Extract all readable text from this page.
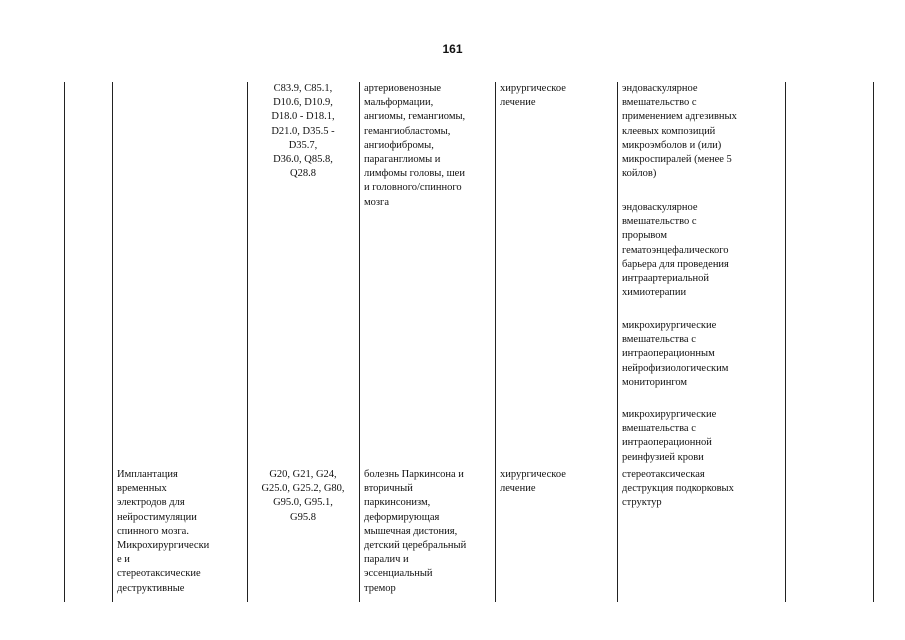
161
C83.9, C85.1,
D10.6, D10.9,
D18.0 - D18.1,
D21.0, D35.5 -
D35.7,
D36.0, Q85.8,
Q28.8
артериовенозные
мальформации,
ангиомы, гемангиомы,
гемангиобластомы,
ангиофибромы,
параганглиомы и
лимфомы головы, шеи
и головного/спинного
мозга
хирургическое
лечение
эндоваскулярное
вмешательство с
применением адгезивных
клеевых композиций
микроэмболов и (или)
микроспиралей (менее 5
койлов)
эндоваскулярное
вмешательство с
прорывом
гематоэнцефалического
барьера для проведения
интраартериальной
химиотерапии
микрохирургические
вмешательства с
интраоперационным
нейрофизиологическим
мониторингом
микрохирургические
вмешательства с
интраоперационной
реинфузией крови
Имплантация
временных
электродов для
нейростимуляции
спинного мозга.
Микрохирургически
е и
стереотаксические
деструктивные
G20, G21, G24,
G25.0, G25.2, G80,
G95.0, G95.1,
G95.8
болезнь Паркинсона и
вторичный
паркинсонизм,
деформирующая
мышечная дистония,
детский церебральный
паралич и
эссенциальный
тремор
хирургическое
лечение
стереотаксическая
деструкция подкорковых
структур
